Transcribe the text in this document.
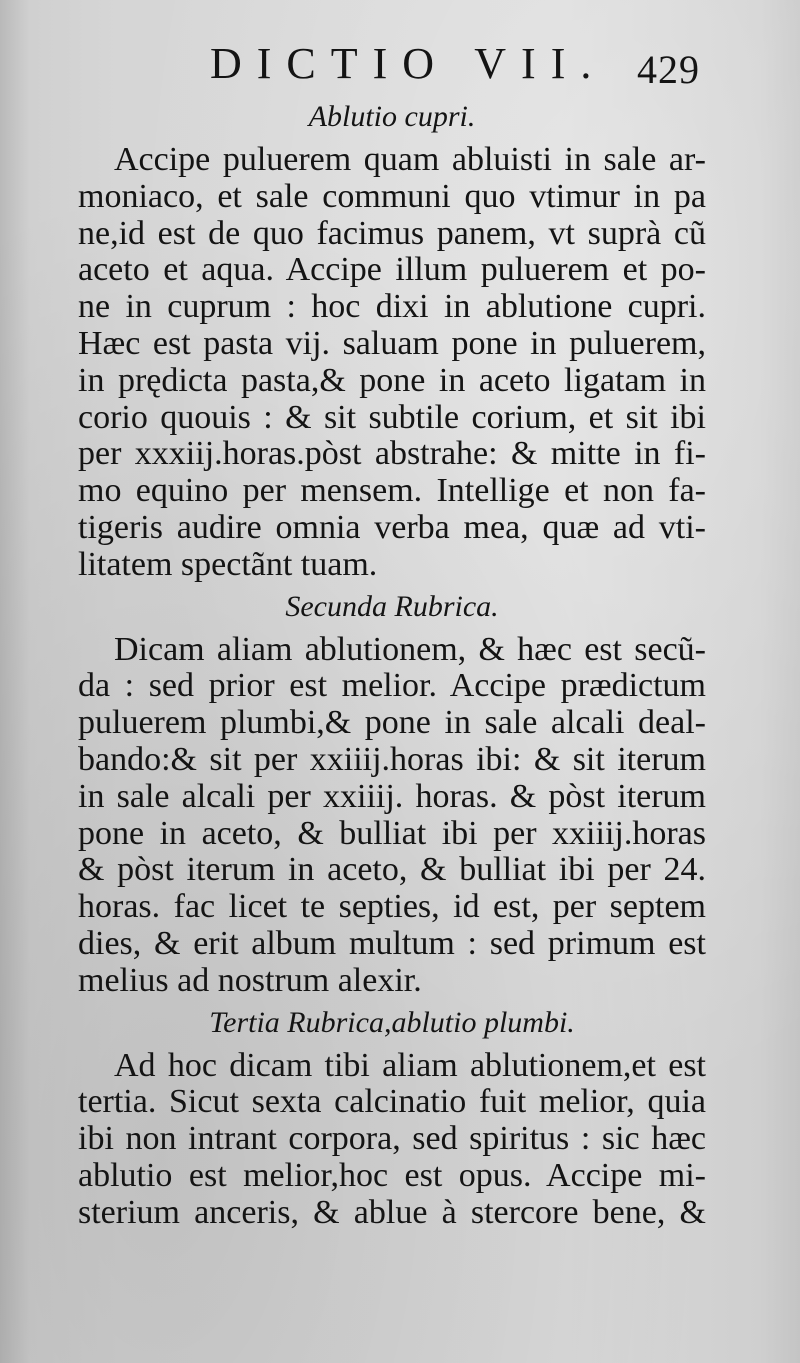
DICTIO VII. 429
Ablutio cupri.
Accipe puluerem quam abluisti in sale ar-
moniaco, et sale communi quo vtimur in pa
ne,id est de quo facimus panem, vt suprà cũ
aceto et aqua. Accipe illum puluerem et po-
ne in cuprum : hoc dixi in ablutione cupri.
Hæc est pasta vij. saluam pone in puluerem,
in prędicta pasta,& pone in aceto ligatam in
corio quouis : & sit subtile corium, et sit ibi
per xxxiij.horas.pòst abstrahe: & mitte in fi-
mo equino per mensem. Intellige et non fa-
tigeris audire omnia verba mea, quæ ad vti-
litatem spectãnt tuam.
Secunda Rubrica.
Dicam aliam ablutionem, & hæc est secũ-
da : sed prior est melior. Accipe prædictum
puluerem plumbi,& pone in sale alcali deal-
bando:& sit per xxiiij.horas ibi: & sit iterum
in sale alcali per xxiiij. horas. & pòst iterum
pone in aceto, & bulliat ibi per xxiiij.horas
& pòst iterum in aceto, & bulliat ibi per 24.
horas. fac licet te septies, id est, per septem
dies, & erit album multum : sed primum est
melius ad nostrum alexir.
Tertia Rubrica,ablutio plumbi.
Ad hoc dicam tibi aliam ablutionem,et est
tertia. Sicut sexta calcinatio fuit melior, quia
ibi non intrant corpora, sed spiritus : sic hæc
ablutio est melior,hoc est opus. Accipe mi-
sterium anceris, & ablue à stercore bene, &
